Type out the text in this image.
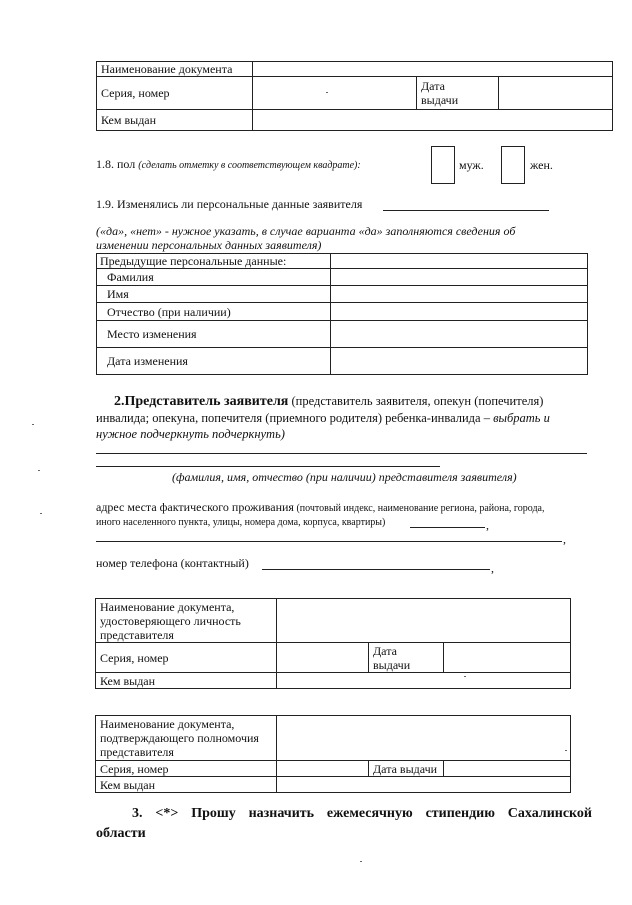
Наименование документа			
Серия, номер		Дата
выдачи	
Кем выдан			
1.8. пол (сделать отметку в соответствующем квадрате):	муж.	жен.
1.9. Изменялись ли персональные данные заявителя
(«да», «нет» - нужное указать, в случае варианта «да» заполняются сведения об
изменении персональных данных заявителя)
Предыдущие персональные данные:	
Фамилия	
Имя	
Отчество (при наличии)	
Место изменения	
Дата изменения	
2.Представитель заявителя (представитель заявителя, опекун (попечителя)
инвалида; опекуна, попечителя (приемного родителя) ребенка-инвалида – выбрать и
нужное подчеркнуть подчеркнуть)
(фамилия, имя, отчество (при наличии) представителя заявителя)
адрес места фактического проживания (почтовый индекс, наименование региона, района, города,
иного населенного пункта, улицы, номера дома, корпуса, квартиры)	,
,
номер телефона (контактный)	,
Наименование документа,
удостоверяющего личность
представителя			
Серия, номер		Дата
выдачи	
Кем выдан			
Наименование документа,
подтверждающего полномочия
представителя			
Серия, номер		Дата выдачи	
Кем выдан			
3. <*> Прошу назначить ежемесячную стипендию Сахалинской
области
